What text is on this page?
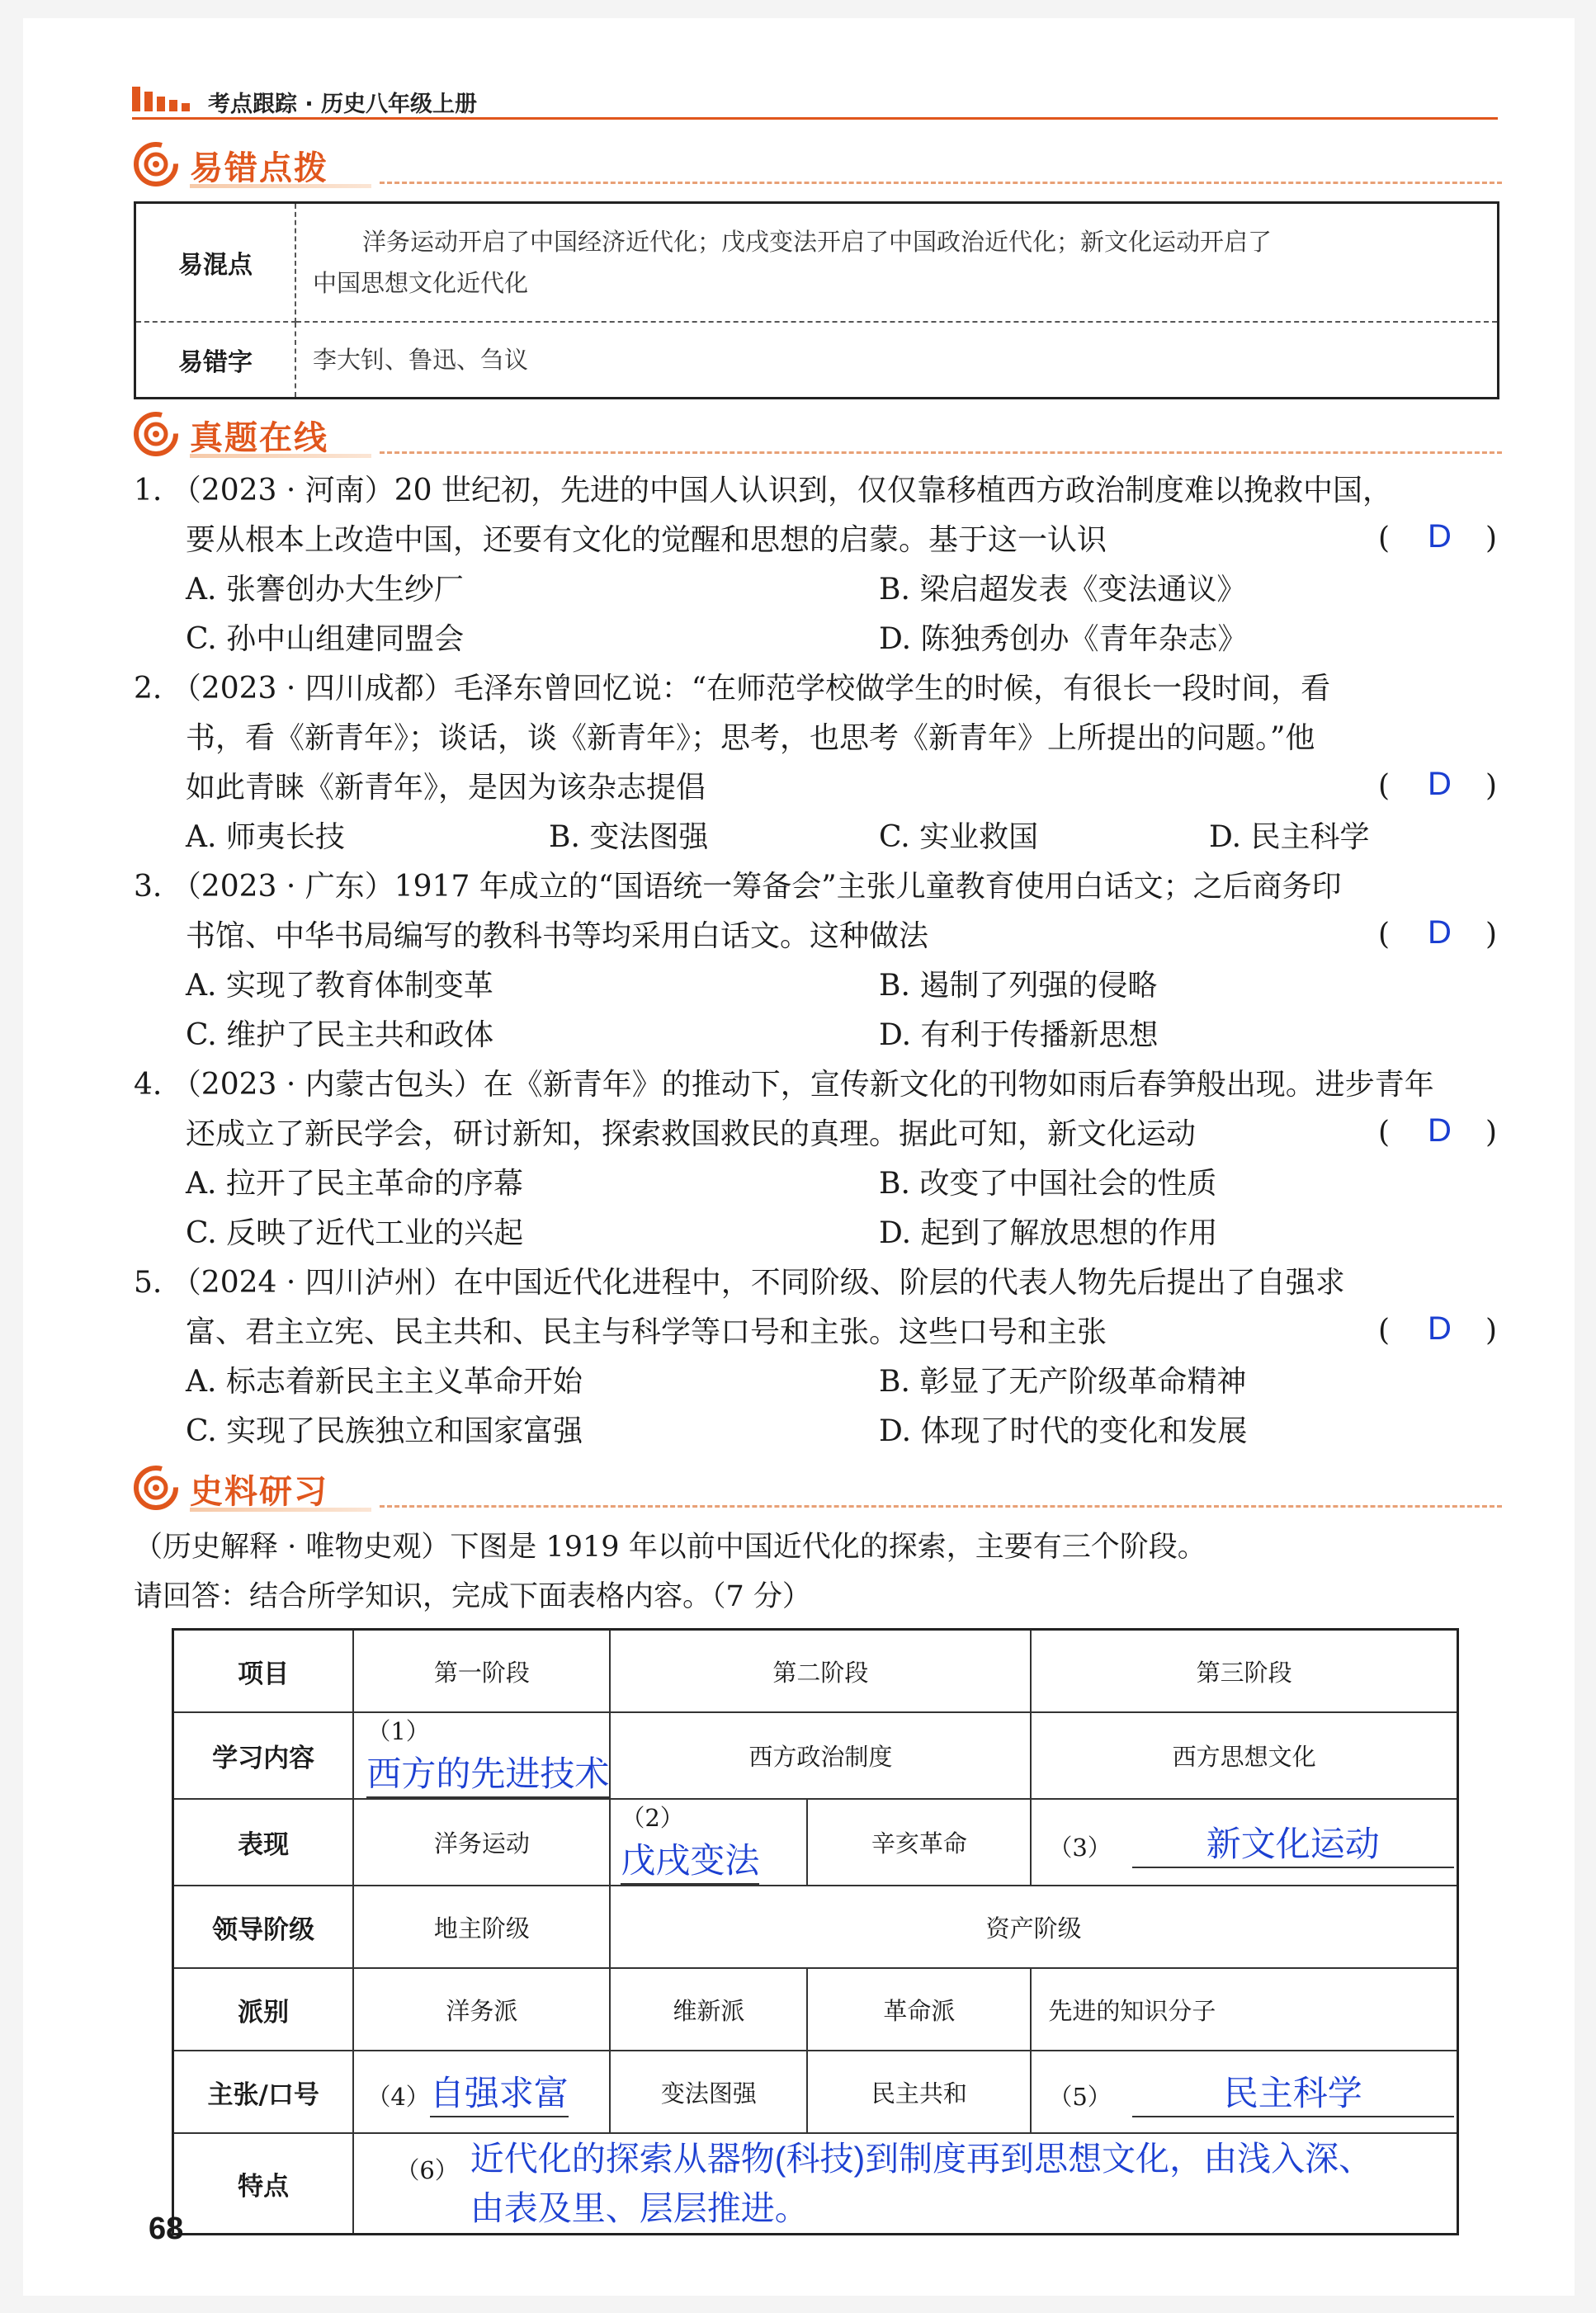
考点跟踪 · 历史八年级上册
易错点拨
易混点	洋务运动开启了中国经济近代化；戊戌变法开启了中国政治近代化；新文化运动开启了
中国思想文化近代化

易错字	李大钊、鲁迅、刍议
真题在线
1. （2023 · 河南）20 世纪初，先进的中国人认识到，仅仅靠移植西方政治制度难以挽救中国，
要从根本上改造中国，还要有文化的觉醒和思想的启蒙。基于这一认识	( D )
A. 张謇创办大生纱厂	B. 梁启超发表《变法通议》
C. 孙中山组建同盟会	D. 陈独秀创办《青年杂志》
2. （2023 · 四川成都）毛泽东曾回忆说：“在师范学校做学生的时候，有很长一段时间，看
书，看《新青年》；谈话，谈《新青年》；思考，也思考《新青年》上所提出的问题。”他
如此青睐《新青年》，是因为该杂志提倡	( D )
A. 师夷长技	B. 变法图强	C. 实业救国	D. 民主科学
3. （2023 · 广东）1917 年成立的“国语统一筹备会”主张儿童教育使用白话文；之后商务印
书馆、中华书局编写的教科书等均采用白话文。这种做法	( D )
A. 实现了教育体制变革	B. 遏制了列强的侵略
C. 维护了民主共和政体	D. 有利于传播新思想
4. （2023 · 内蒙古包头）在《新青年》的推动下，宣传新文化的刊物如雨后春笋般出现。进步青年
还成立了新民学会，研讨新知，探索救国救民的真理。据此可知，新文化运动	( D )
A. 拉开了民主革命的序幕	B. 改变了中国社会的性质
C. 反映了近代工业的兴起	D. 起到了解放思想的作用
5. （2024 · 四川泸州）在中国近代化进程中，不同阶级、阶层的代表人物先后提出了自强求
富、君主立宪、民主共和、民主与科学等口号和主张。这些口号和主张	( D )
A. 标志着新民主主义革命开始	B. 彰显了无产阶级革命精神
C. 实现了民族独立和国家富强	D. 体现了时代的变化和发展
史料研习
（历史解释 · 唯物史观）下图是 1919 年以前中国近代化的探索，主要有三个阶段。
请回答：结合所学知识，完成下面表格内容。（7 分）
项目	第一阶段	第二阶段		第三阶段
学习内容	（1）西方的先进技术	西方政治制度		西方思想文化
表现	洋务运动	（2）戊戌变法	辛亥革命	（3） 新文化运动
领导阶级	地主阶级	资产阶级		
派别	洋务派	维新派	革命派	先进的知识分子
主张/口号	（4）自强求富	变法图强	民主共和	（5） 民主科学
特点	（6） 近代化的探索从器物(科技)到制度再到思想文化，由浅入深、
由表及里、层层推进。			
68
